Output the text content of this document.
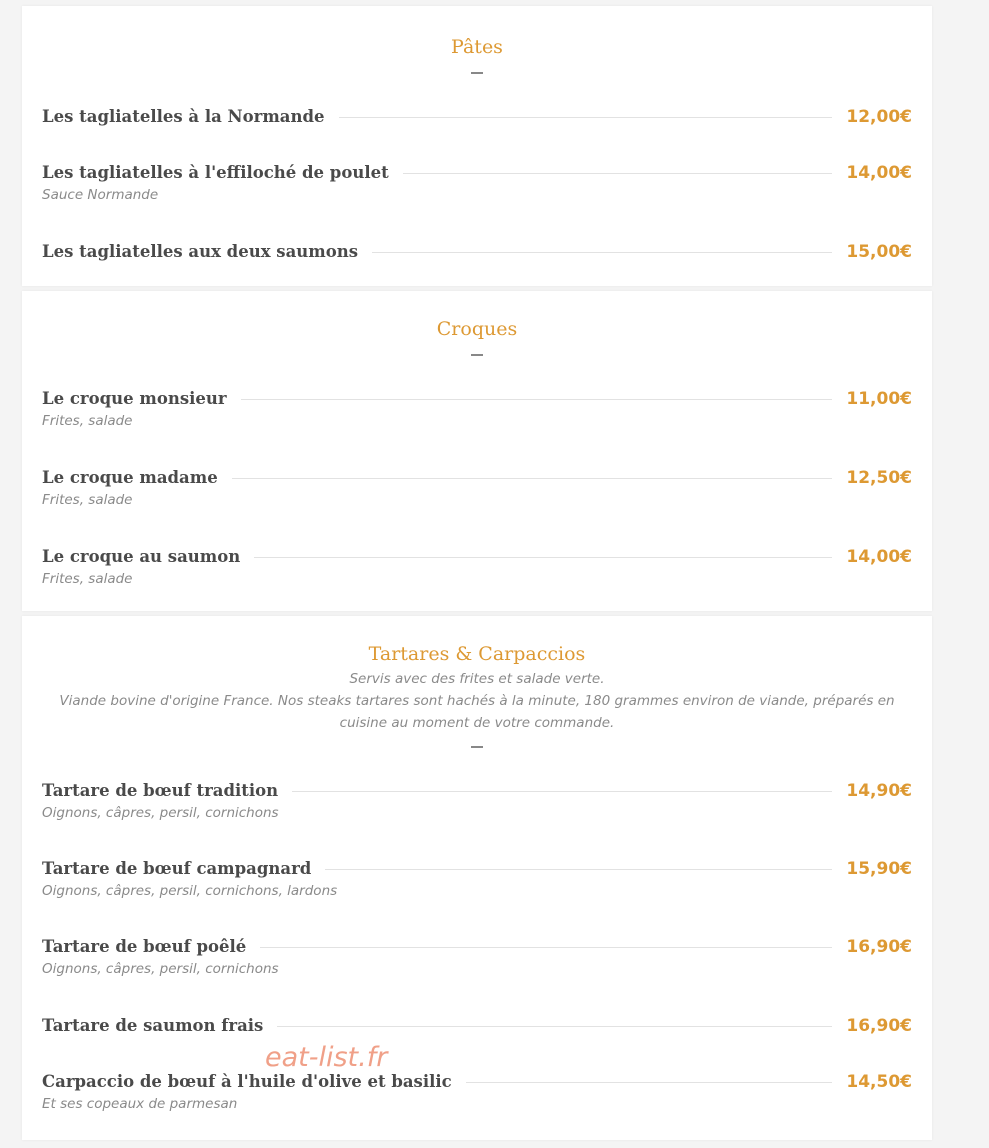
Pâtes
Les tagliatelles à la Normande	12,00€
Les tagliatelles à l'effiloché de poulet	14,00€
Sauce Normande
Les tagliatelles aux deux saumons	15,00€
Croques
Le croque monsieur	11,00€
Frites, salade
Le croque madame	12,50€
Frites, salade
Le croque au saumon	14,00€
Frites, salade
Tartares & Carpaccios
Servis avec des frites et salade verte.
Viande bovine d'origine France. Nos steaks tartares sont hachés à la minute, 180 grammes environ de viande, préparés en
cuisine au moment de votre commande.
Tartare de bœuf tradition	14,90€
Oignons, câpres, persil, cornichons
Tartare de bœuf campagnard	15,90€
Oignons, câpres, persil, cornichons, lardons
Tartare de bœuf poêlé	16,90€
Oignons, câpres, persil, cornichons
Tartare de saumon frais	16,90€
Carpaccio de bœuf à l'huile d'olive et basilic	14,50€
Et ses copeaux de parmesan
eat-list.fr
